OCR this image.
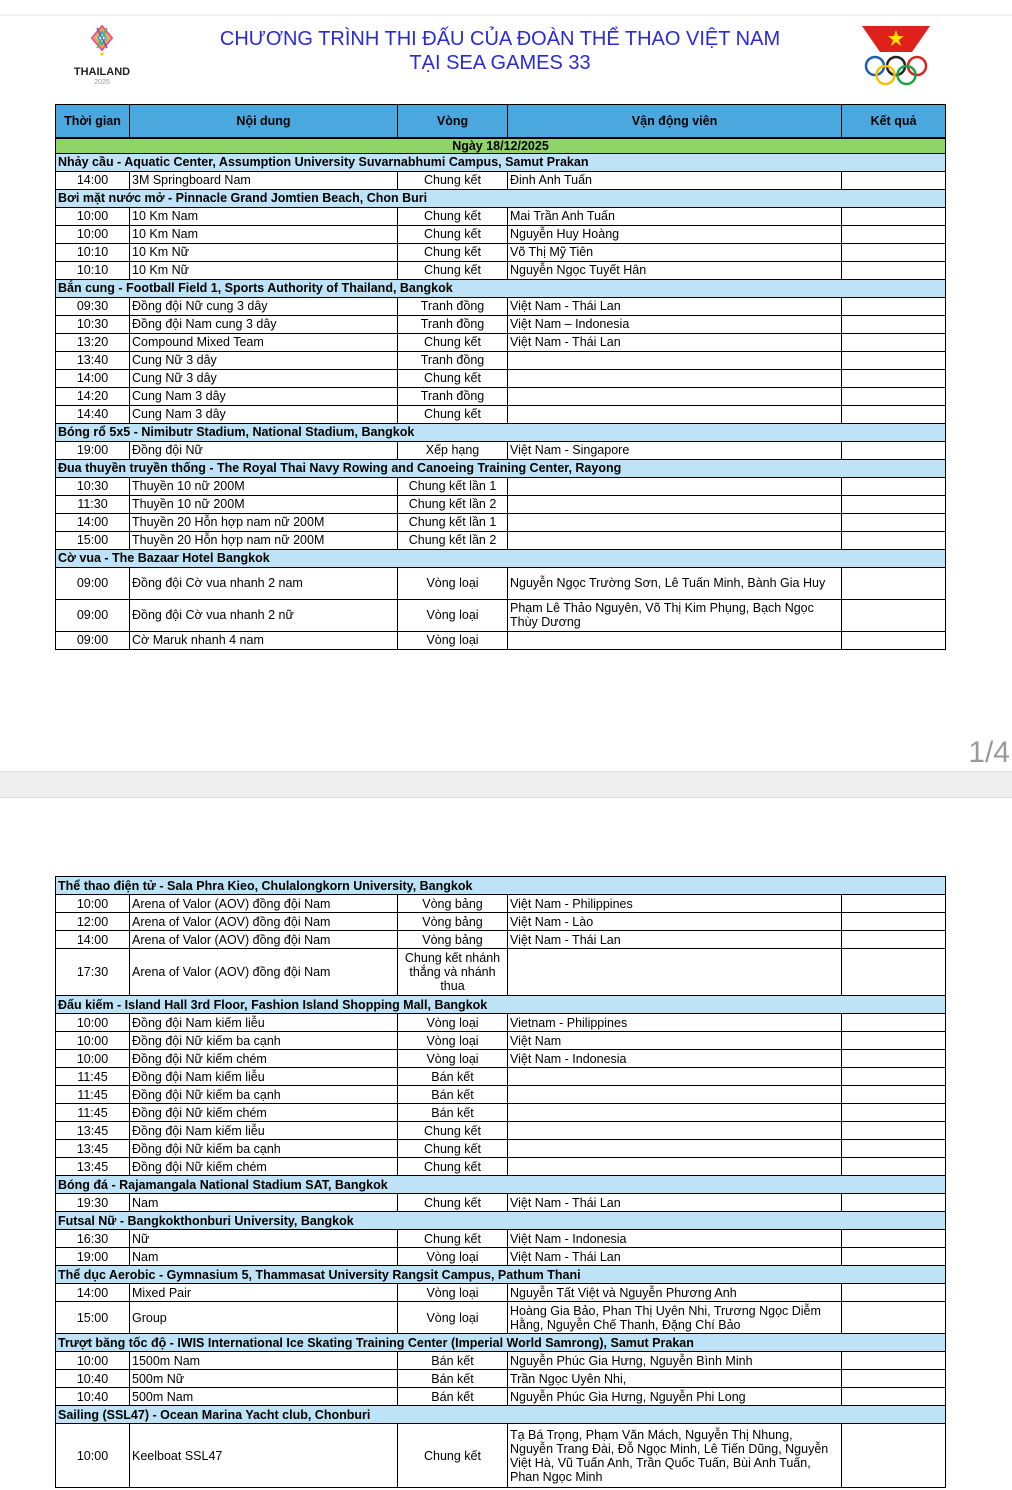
THAILAND
2025
CHƯƠNG TRÌNH THI ĐẤU CỦA ĐOÀN THỂ THAO VIỆT NAM
TẠI SEA GAMES 33
Thời gian	Nội dung	Vòng	Vận động viên	Kết quả
Ngày 18/12/2025				
Nhảy cầu - Aquatic Center, Assumption University Suvarnabhumi Campus, Samut Prakan				
14:00	3M Springboard Nam	Chung kết	Đinh Anh Tuấn	
Bơi mặt nước mở - Pinnacle Grand Jomtien Beach, Chon Buri				
10:00	10 Km Nam	Chung kết	Mai Trần Anh Tuấn	
10:00	10 Km Nam	Chung kết	Nguyễn Huy Hoàng	
10:10	10 Km Nữ	Chung kết	Võ Thị Mỹ Tiên	
10:10	10 Km Nữ	Chung kết	Nguyễn Ngọc Tuyết Hân	
Bắn cung - Football Field 1, Sports Authority of Thailand, Bangkok				
09:30	Đồng đội Nữ cung 3 dây	Tranh đồng	Việt Nam - Thái Lan	
10:30	Đồng đội Nam cung 3 dây	Tranh đồng	Việt Nam – Indonesia	
13:20	Compound Mixed Team	Chung kết	Việt Nam - Thái Lan	
13:40	Cung Nữ 3 dây	Tranh đồng		
14:00	Cung Nữ 3 dây	Chung kết		
14:20	Cung Nam 3 dây	Tranh đồng		
14:40	Cung Nam 3 dây	Chung kết		
Bóng rổ 5x5 - Nimibutr Stadium, National Stadium, Bangkok				
19:00	Đồng đội Nữ	Xếp hạng	Việt Nam - Singapore	
Đua thuyền truyền thống - The Royal Thai Navy Rowing and Canoeing Training Center, Rayong				
10:30	Thuyền 10 nữ 200M	Chung kết lần 1		
11:30	Thuyền 10 nữ 200M	Chung kết lần 2		
14:00	Thuyền 20 Hỗn hợp nam nữ 200M	Chung kết lần 1		
15:00	Thuyền 20 Hỗn hợp nam nữ 200M	Chung kết lần 2		
Cờ vua - The Bazaar Hotel Bangkok				
09:00	Đồng đội Cờ vua nhanh 2 nam	Vòng loại	Nguyễn Ngọc Trường Sơn, Lê Tuấn Minh, Bành Gia Huy	
09:00	Đồng đội Cờ vua nhanh 2 nữ	Vòng loại	Phạm Lê Thảo Nguyên, Võ Thị Kim Phụng, Bạch Ngọc Thùy Dương	
09:00	Cờ Maruk nhanh 4 nam	Vòng loại		
1/4
Thể thao điện tử - Sala Phra Kieo, Chulalongkorn University, Bangkok				
10:00	Arena of Valor (AOV) đồng đội Nam	Vòng bảng	Việt Nam - Philippines	
12:00	Arena of Valor (AOV) đồng đội Nam	Vòng bảng	Việt Nam - Lào	
14:00	Arena of Valor (AOV) đồng đội Nam	Vòng bảng	Việt Nam - Thái Lan	
17:30	Arena of Valor (AOV) đồng đội Nam	Chung kết nhánh thắng và nhánh thua		
Đấu kiếm - Island Hall 3rd Floor, Fashion Island Shopping Mall, Bangkok				
10:00	Đồng đội Nam kiếm liễu	Vòng loại	Vietnam - Philippines	
10:00	Đồng đội Nữ kiếm ba cạnh	Vòng loại	Việt Nam	
10:00	Đồng đội Nữ kiếm chém	Vòng loại	Việt Nam - Indonesia	
11:45	Đồng đội Nam kiếm liễu	Bán kết		
11:45	Đồng đội Nữ kiếm ba cạnh	Bán kết		
11:45	Đồng đội Nữ kiếm chém	Bán kết		
13:45	Đồng đội Nam kiếm liễu	Chung kết		
13:45	Đồng đội Nữ kiếm ba cạnh	Chung kết		
13:45	Đồng đội Nữ kiếm chém	Chung kết		
Bóng đá - Rajamangala National Stadium SAT, Bangkok				
19:30	Nam	Chung kết	Việt Nam - Thái Lan	
Futsal Nữ - Bangkokthonburi University, Bangkok				
16:30	Nữ	Chung kết	Việt Nam - Indonesia	
19:00	Nam	Vòng loại	Việt Nam - Thái Lan	
Thể dục Aerobic - Gymnasium 5, Thammasat University Rangsit Campus, Pathum Thani				
14:00	Mixed Pair	Vòng loại	Nguyễn Tất Việt và Nguyễn Phương Anh	
15:00	Group	Vòng loại	Hoàng Gia Bảo, Phan Thị Uyên Nhi, Trương Ngọc Diễm Hằng, Nguyễn Chế Thanh, Đặng Chí Bảo	
Trượt băng tốc độ - IWIS International Ice Skating Training Center (Imperial World Samrong), Samut Prakan				
10:00	1500m Nam	Bán kết	Nguyễn Phúc Gia Hưng, Nguyễn Bình Minh	
10:40	500m Nữ	Bán kết	Trần Ngọc Uyên Nhi,	
10:40	500m Nam	Bán kết	Nguyễn Phúc Gia Hưng, Nguyễn Phi Long	
Sailing (SSL47) - Ocean Marina Yacht club, Chonburi				
10:00	Keelboat SSL47	Chung kết	Tạ Bá Trọng, Phạm Văn Mách, Nguyễn Thị Nhung, Nguyễn Trang Đài, Đỗ Ngọc Minh, Lê Tiến Dũng, Nguyễn Việt Hà, Vũ Tuấn Anh, Trần Quốc Tuấn, Bùi Anh Tuấn, Phan Ngọc Minh	
